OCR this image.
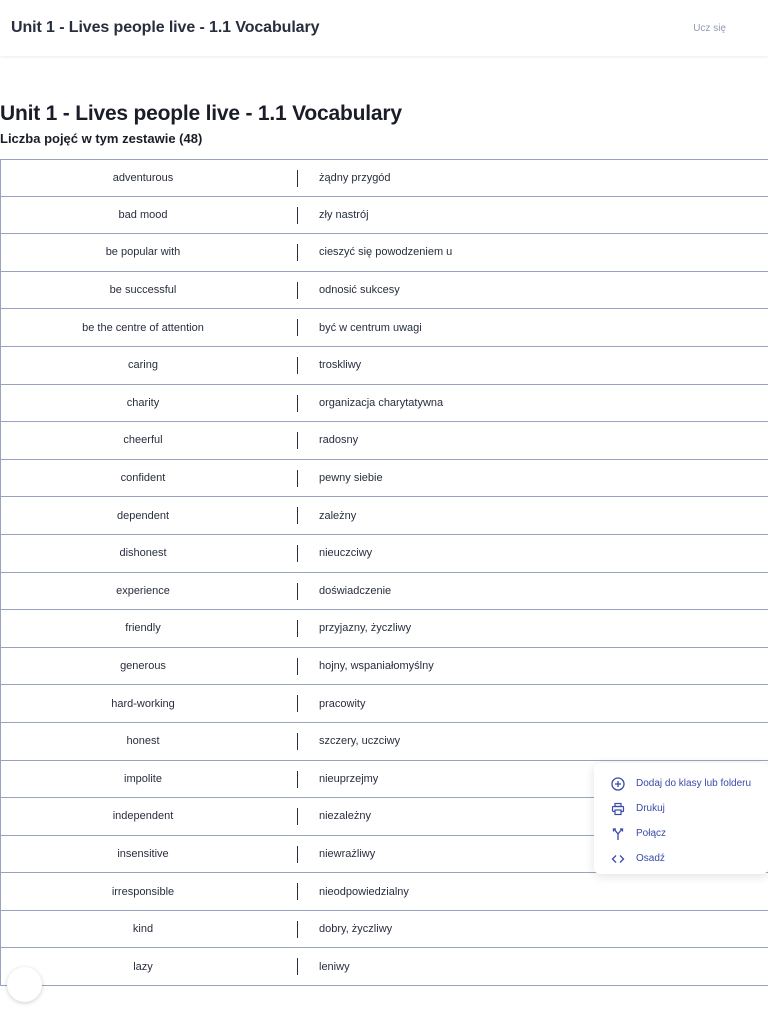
Unit 1 - Lives people live - 1.1 Vocabulary	Ucz się
Unit 1 - Lives people live - 1.1 Vocabulary
Liczba pojęć w tym zestawie (48)
adventurous	żądny przygód
bad mood	zły nastrój
be popular with	cieszyć się powodzeniem u
be successful	odnosić sukcesy
be the centre of attention	być w centrum uwagi
caring	troskliwy
charity	organizacja charytatywna
cheerful	radosny
confident	pewny siebie
dependent	zależny
dishonest	nieuczciwy
experience	doświadczenie
friendly	przyjazny, życzliwy
generous	hojny, wspaniałomyślny
hard-working	pracowity
honest	szczery, uczciwy
impolite	nieuprzejmy
independent	niezależny
insensitive	niewrażliwy
irresponsible	nieodpowiedzialny
kind	dobry, życzliwy
lazy	leniwy
Dodaj do klasy lub folderu
Drukuj
Połącz
Osadź
